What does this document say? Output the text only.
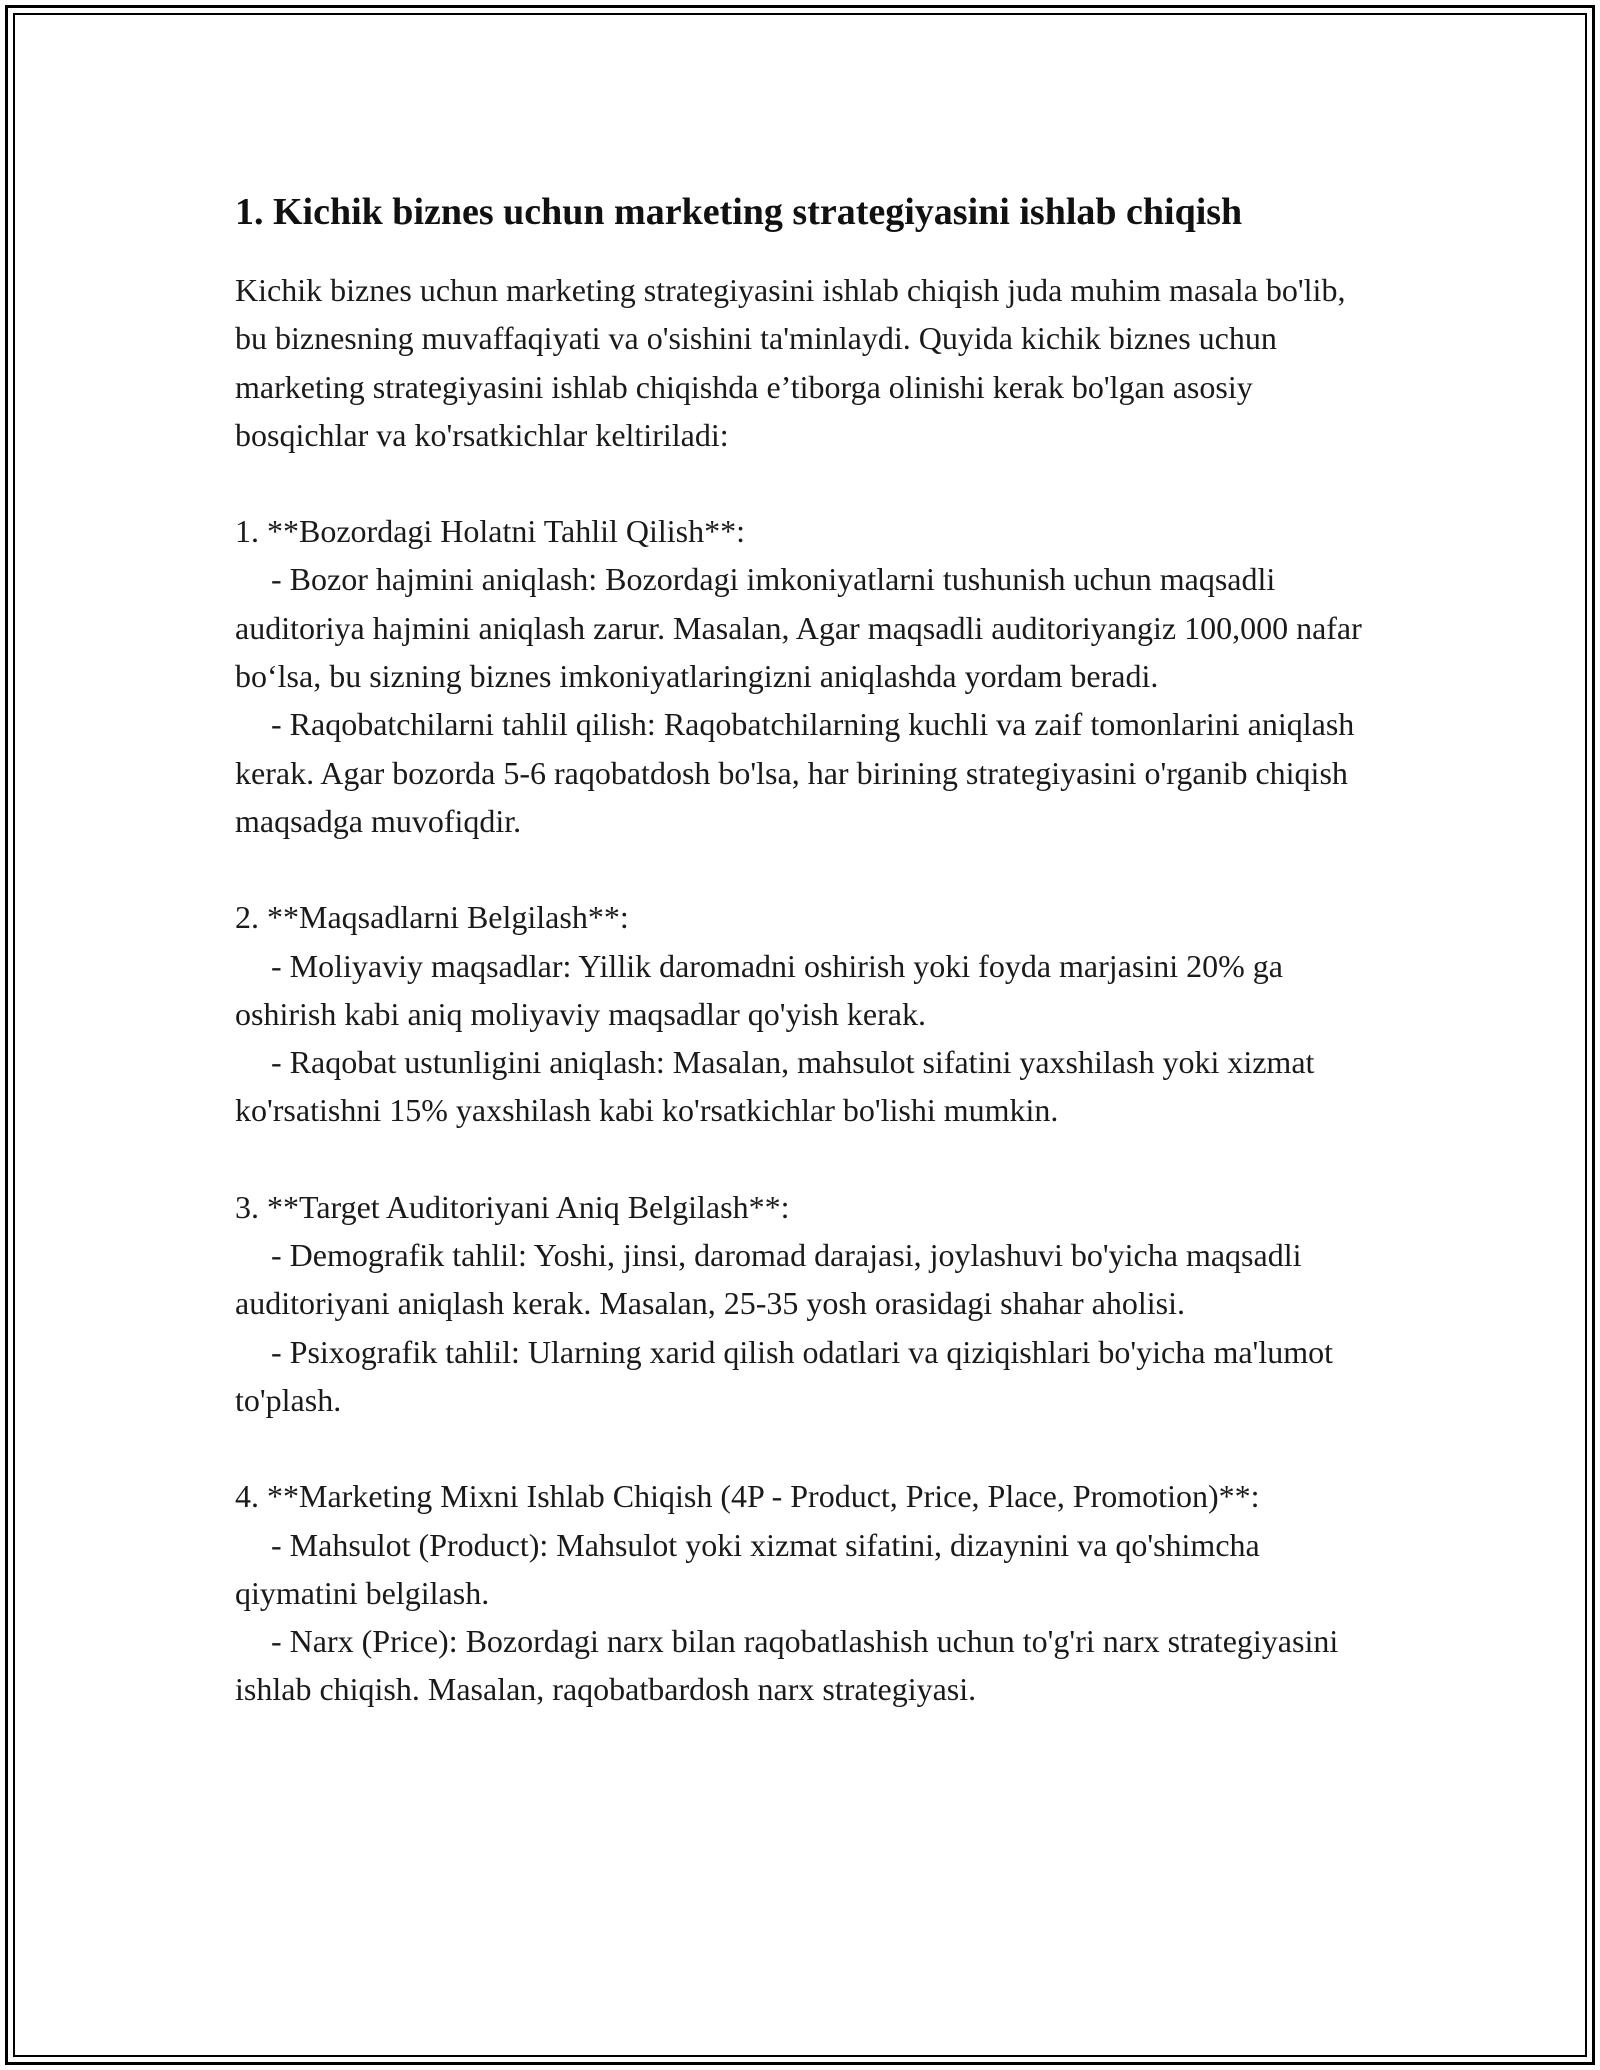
1. Kichik biznes uchun marketing strategiyasini ishlab chiqish

Kichik biznes uchun marketing strategiyasini ishlab chiqish juda muhim masala bo'lib, bu biznesning muvaffaqiyati va o'sishini ta'minlaydi. Quyida kichik biznes uchun marketing strategiyasini ishlab chiqishda e’tiborga olinishi kerak bo'lgan asosiy bosqichlar va ko'rsatkichlar keltiriladi:

1. **Bozordagi Holatni Tahlil Qilish**:

- Bozor hajmini aniqlash: Bozordagi imkoniyatlarni tushunish uchun maqsadli auditoriya hajmini aniqlash zarur. Masalan, Agar maqsadli auditoriyangiz 100,000 nafar bo‘lsa, bu sizning biznes imkoniyatlaringizni aniqlashda yordam beradi.

- Raqobatchilarni tahlil qilish: Raqobatchilarning kuchli va zaif tomonlarini aniqlash kerak. Agar bozorda 5-6 raqobatdosh bo'lsa, har birining strategiyasini o'rganib chiqish maqsadga muvofiqdir.

2. **Maqsadlarni Belgilash**:

- Moliyaviy maqsadlar: Yillik daromadni oshirish yoki foyda marjasini 20% ga oshirish kabi aniq moliyaviy maqsadlar qo'yish kerak.

- Raqobat ustunligini aniqlash: Masalan, mahsulot sifatini yaxshilash yoki xizmat ko'rsatishni 15% yaxshilash kabi ko'rsatkichlar bo'lishi mumkin.

3. **Target Auditoriyani Aniq Belgilash**:

- Demografik tahlil: Yoshi, jinsi, daromad darajasi, joylashuvi bo'yicha maqsadli auditoriyani aniqlash kerak. Masalan, 25-35 yosh orasidagi shahar aholisi.

- Psixografik tahlil: Ularning xarid qilish odatlari va qiziqishlari bo'yicha ma'lumot to'plash.

4. **Marketing Mixni Ishlab Chiqish (4P - Product, Price, Place, Promotion)**:

- Mahsulot (Product): Mahsulot yoki xizmat sifatini, dizaynini va qo'shimcha qiymatini belgilash.

- Narx (Price): Bozordagi narx bilan raqobatlashish uchun to'g'ri narx strategiyasini ishlab chiqish. Masalan, raqobatbardosh narx strategiyasi.
